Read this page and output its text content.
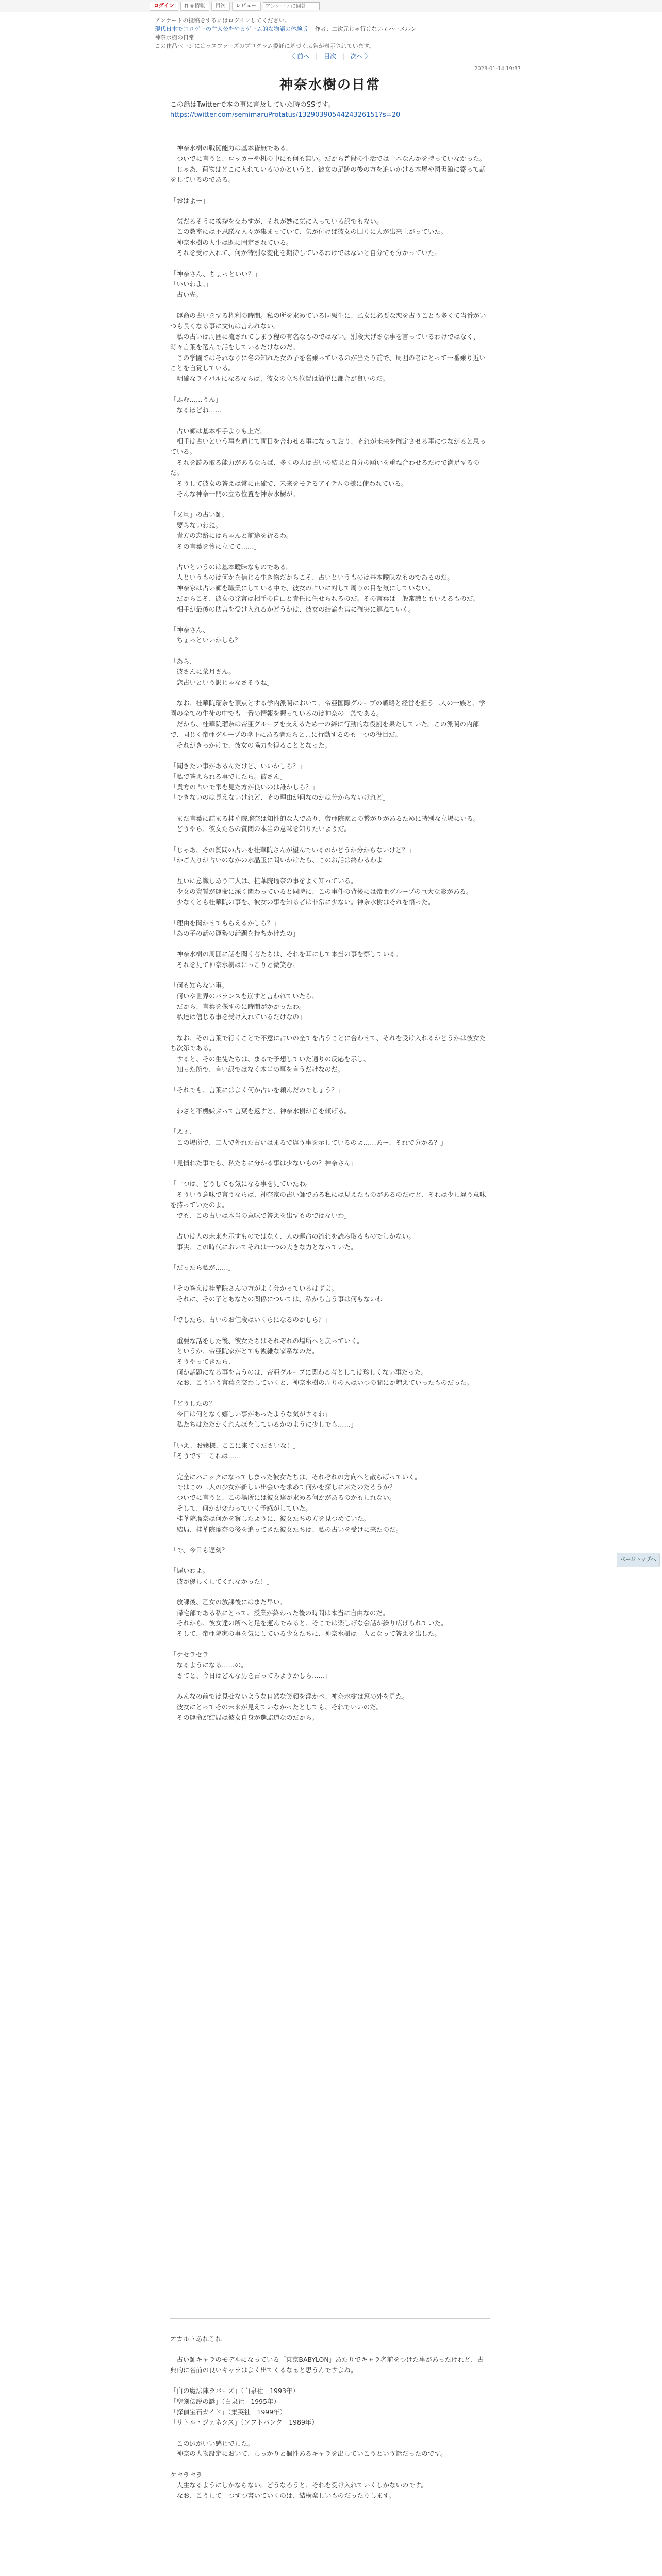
ログイン	作品情報	目次	レビュー
アンケートに回答
アンケートの投稿をするにはログインしてください。
現代日本でエロゲーの主人公をやるゲーム的な物語の体験版 作者：二次元じゃ行けない / ハーメルン
神奈水樹の日常
この作品ページにはラスファーズのプログラム委託に基づく広告が表示されています。
〈 前へ | 目次 | 次へ 〉
2023-01-14 19:37
神奈水樹の日常
この話はTwitterで本の事に言及していた時のSSです。
https://twitter.com/semimaruProtatus/1329039054424326151?s=20

　神奈水樹の戦闘能力は基本皆無である。

　ついでに言うと、ロッカーや机の中にも何も無い。だから普段の生活では一本なんかを持っていなかった。

　じゃあ、荷物はどこに入れているのかというと、彼女の足跡の後の方を追いかける本屋や図書館に寄って話をしているのである。

「おはよー」

　気だるそうに挨拶を交わすが、それが妙に気に入っている訳でもない。

　この教室には不思議な人々が集まっていて、気が付けば彼女の回りに人が出来上がっていた。

　神奈水樹の人生は既に固定されている。

　それを受け入れて、何か特別な変化を期待しているわけではないと自分でも分かっていた。

「神奈さん、ちょっといい？」

「いいわよ。」

　占い先。

　運命の占いをする権利の時間。私の所を求めている同級生に、乙女に必要な恋を占うことも多くて当番がいつも長くなる事に文句は言われない。

　私の占いは周囲に流されてしまう程の有名なものではない。別段大げさな事を言っているわけではなく、時々言葉を選んで話をしているだけなのだ。

　この学園ではそれなりに名の知れた女の子を名乗っているのが当たり前で、周囲の者にとって一番乗り近いことを自覚している。

　明確なライバルになるならば、彼女の立ち位置は簡単に都合が良いのだ。

「ふむ……うん」

　なるほどね……

　占い師は基本相手よりも上だ。

　相手は占いという事を通じて両目を合わせる事になっており、それが未来を確定させる事につながると思っている。

　それを読み取る能力があるならば、多くの人は占いの結果と自分の願いを重ね合わせるだけで満足するのだ。

　そうして彼女の答えは常に正確で、未来をモテるアイテムの様に使われている。

　そんな神奈一門の立ち位置を神奈水樹が。

「又旦」の占い師。

　要らないわね。

　貴方の恋路にはちゃんと前途を祈るわ。

　その言葉を怜に立てて……」

　占いというのは基本曖昧なものである。

　人というものは何かを信じる生き物だからこそ、占いというものは基本曖昧なものであるのだ。

　神奈家は占い師を職業にしている中で、彼女の占いに対して周りの目を気にしていない。

　だからこそ、彼女の発言は相手の自由と責任に任せられるのだ。その言葉は一般常識ともいえるものだ。

　相手が最後の助言を受け入れるかどうかは、彼女の結論を常に確実に連ねていく。

「神奈さん、

　ちょっといいかしら？」

「あら、

　彼さんに菜月さん。

　恋占いという訳じゃなさそうね」

　なお、桂華院瑠奈を頂点とする学内派閥において、帝亜国際グループの戦略と経営を担う二人の一族と、学園の全ての生徒の中でも一番の情報を握っているのは神奈の一族である。

　だから、桂華院瑠奈は帝亜グループを支えるため一の絆に行動的な役割を果たしていた。この派閥の内部で、同じく帝亜グループの傘下にある者たちと共に行動するのも一つの役目だ。

　それがきっかけで、彼女の協力を得ることとなった。

「聞きたい事があるんだけど、いいかしら？」

「私で答えられる事でしたら。彼さん」

「貴方の占いで雫を見た方が良いのは誰かしら？」

「できないのは見えないけれど、その理由が何なのかは分からないけれど」

　まだ言葉に詰まる桂華院瑠奈は知性的な人であり、帝亜院家との繋がりがあるために特別な立場にいる。

　どうやら、彼女たちの質問の本当の意味を知りたいようだ。

「じゃあ、その質問の占いを桂華院さんが望んでいるのかどうか分からないけど？」

「かご入りが占いのなかの水晶玉に問いかけたら、このお話は終わるわよ」

　互いに意識しあう二人は、桂華院瑠奈の事をよく知っている。

　少女の資質が運命に深く関わっていると同時に、この事件の背後には帝亜グループの巨大な影がある。

　少なくとも桂華院の事を、彼女の事を知る者は非常に少ない。神奈水樹はそれを悟った。

「理由を聞かせてもらえるかしら？」

「あの子の話の運勢の話題を持ちかけたの」

　神奈水樹の周囲に話を聞く者たちは、それを耳にして本当の事を察している。

　それを見て神奈水樹はにっこりと微笑む。

「何も知らない事。

　何いや世界のバランスを崩すと言われていたら、

　だから、言葉を探すのに時間がかかったわ。

　私達は信じる事を受け入れているだけなの」

　なお、その言葉で行くことで不意に占いの全てを占うことに合わせて、それを受け入れるかどうかは彼女たち次第である。

　すると、その生徒たちは、まるで予想していた通りの反応を示し、

　知った所で、言い訳ではなく本当の事を言うだけなのだ。

「それでも、言葉にはよく何か占いを頼んだのでしょう？」

　わざと不機嫌ぶって言葉を返すと、神奈水樹が首を傾げる。

「えぇ、

　この場所で、二人で外れた占いはまるで違う事を示しているのよ……あー、それで分かる？」

「見慣れた事でも、私たちに分かる事は少ないもの？神奈さん」

「一つは、どうしても気になる事を見ていたわ。

　そういう意味で言うならば、神奈家の占い師である私には見えたものがあるのだけど、それは少し違う意味を持っていたのよ。

　でも、この占いは本当の意味で答えを出すものではないわ」

　占いは人の未来を示すものではなく、人の運命の流れを読み取るものでしかない。

　事実、この時代においてそれは一つの大きな力となっていた。

「だったら私が……」

「その答えは桂華院さんの方がよく分かっているはずよ。

　それに、その子とあなたの関係については、私から言う事は何もないわ」

「でしたら、占いのお値段はいくらになるのかしら？」

　重要な話をした後、彼女たちはそれぞれの場所へと戻っていく。

　というか、帝亜院家がとても複雑な家系なのだ。

　そうやってきたら、

　何か話題になる事を言うのは、帝亜グループに関わる者としては珍しくない事だった。

　なお、こういう言葉を交わしていくと、神奈水樹の周りの人はいつの間にか増えていったものだった。

「どうしたの？

　今日は何となく嬉しい事があったような気がするわ」

　私たちはただかくれんぼをしているかのように少しでも……」

「いえ、お嬢様、ここに来てくださいな！」

「そうです！これは……」

　完全にパニックになってしまった彼女たちは、それぞれの方向へと散らばっていく。

　ではこの二人の少女が新しい出会いを求めて何かを探しに来たのだろうか？

　ついでに言うと、この場所には彼女達が求める何かがあるのかもしれない。

　そして、何かが変わっていく予感がしていた。

　桂華院瑠奈は何かを察したように、彼女たちの方を見つめていた。

　結局、桂華院瑠奈の後を追ってきた彼女たちは、私の占いを受けに来たのだ。

「で、今日も遅刻？」

「遅いわよ。

　彼が優しくしてくれなかった！」

　放課後、乙女の放課後にはまだ早い。

　帰宅部である私にとって、授業が終わった後の時間は本当に自由なのだ。

　それから、彼女達の所へと足を運んでみると、そこでは楽しげな会話が繰り広げられていた。

　そして、帝亜院家の事を気にしている少女たちに、神奈水樹は一人となって答えを出した。

「ケセラセラ

　なるようになる……の。

　さてと、今日はどんな男を占ってみようかしら……」

　みんなの前では見せないような自然な笑顔を浮かべ、神奈水樹は窓の外を見た。

　彼女にとってその未来が見えていなかったとしても、それでいいのだ。

　その運命が結局は彼女自身が選ぶ道なのだから。

オカルトあれこれ

　占い師キャラのモデルになっている「東京BABYLON」あたりでキャラ名前をつけた事があったけれど、古典的に名前の良いキャラはよく出てくるなぁと思うんですよね。

「白の魔法陣ラバーズ」（白泉社　1993年）

「聖剣伝説の謎」（白泉社　1995年）

「探偵宝石ガイド」（集英社　1999年）

「リトル・ジェネシス」（ソフトバンク　1989年）

　この辺がいい感じでした。

　神奈の人物設定において、しっかりと個性あるキャラを出していこうという話だったのです。

ケセラセラ

　人生なるようにしかならない。どうなろうと、それを受け入れていくしかないのです。

　なお、こうして一つずつ書いていくのは、結構楽しいものだったりします。

ページトップへ
